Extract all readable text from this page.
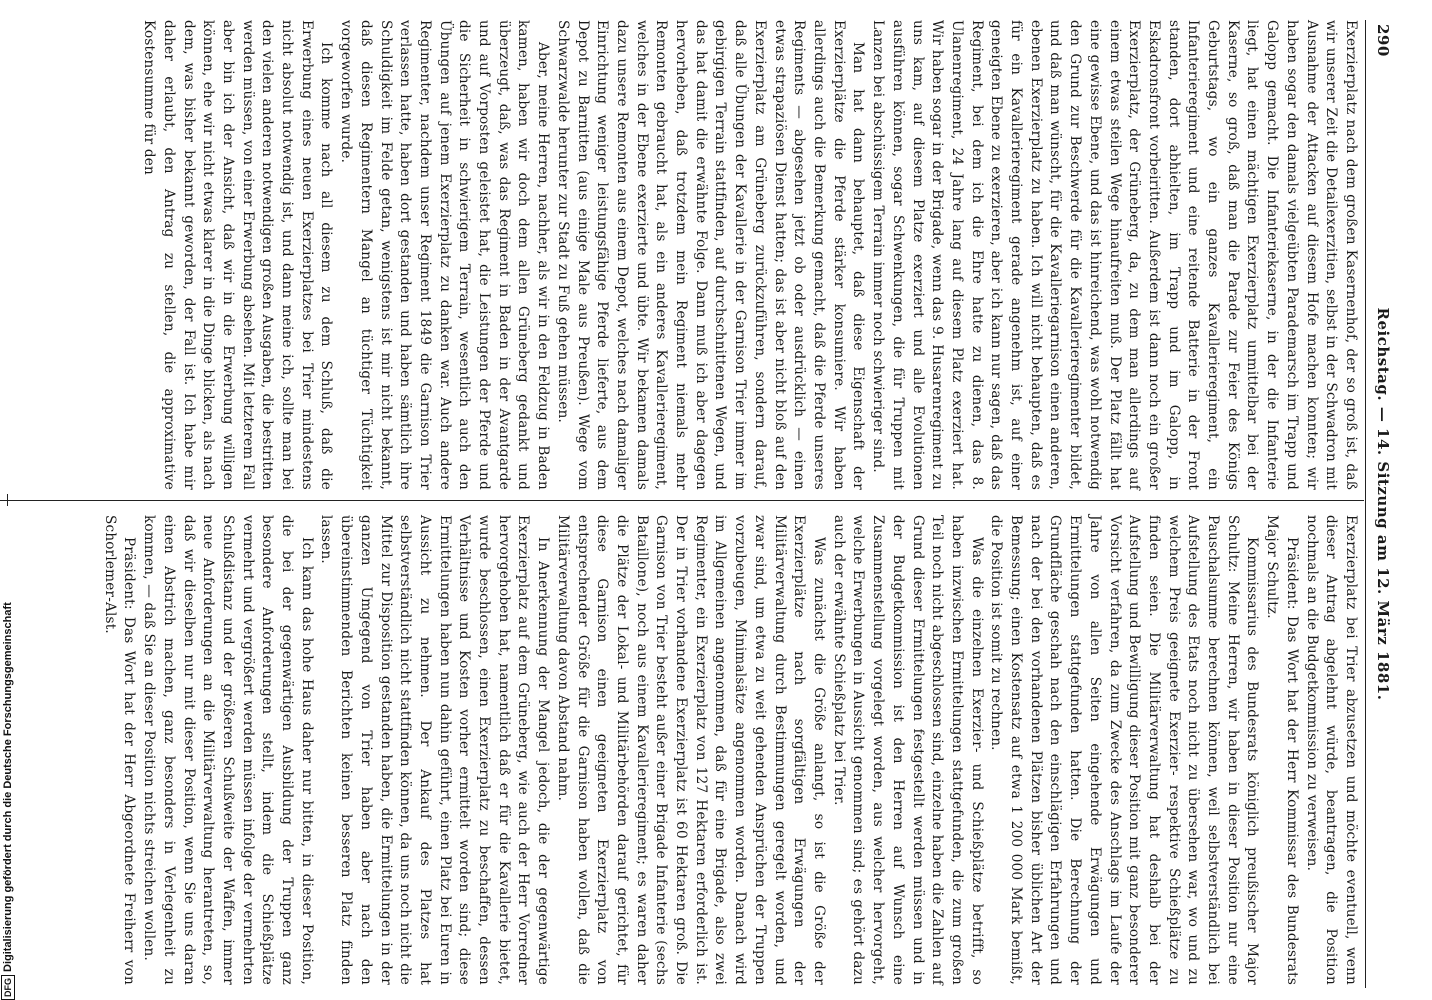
290
Reichstag. — 14. Sitzung am 12. März 1881.

Exerzierplatz nach dem großen Kasernenhof, der so groß ist, daß wir unserer Zeit die Detailexerzitien, selbst in der Schwadron mit Ausnahme der Attacken auf diesem Hofe machen konnten; wir haben sogar den damals vielgeübten Parademarsch im Trapp und Galopp gemacht. Die Infanteriekaserne, in der die Infanterie liegt, hat einen mächtigen Exerzierplatz unmittelbar bei der Kaserne, so groß, daß man die Parade zur Feier des Königs Geburtstags, wo ein ganzes Kavallerieregiment, ein Infanterieregiment und eine reitende Batterie in der Front standen, dort abhielten, im Trapp und im Galopp, in Eskadronsfront vorbeiritten. Außerdem ist dann noch ein großer Exerzierplatz, der Grüneberg, da, zu dem man allerdings auf einem etwas steilen Wege hinaufreiten muß. Der Platz fällt hat eine gewisse Ebene, und das ist hinreichend, was wohl notwendig den Grund zur Beschwerde für die Kavallerieregimenter bildet, und daß man wünscht, für die Kavalleriegarnison einen anderen, ebenen Exerzierplatz zu haben. Ich will nicht behaupten, daß es für ein Kavallerieregiment gerade angenehm ist, auf einer geneigten Ebene zu exerzieren, aber ich kann nur sagen, daß das Regiment, bei dem ich die Ehre hatte zu dienen, das 8. Ulanenregiment, 24 Jahre lang auf diesem Platz exerziert hat. Wir haben sogar in der Brigade, wenn das 9. Husarenregiment zu uns kam, auf diesem Platze exerziert und alle Evolutionen ausführen können, sogar Schwenkungen, die für Truppen mit Lanzen bei abschüssigem Terrain immer noch schwieriger sind.

Man hat dann behauptet, daß diese Eigenschaft der Exerzierplätze die Pferde stärker konsumiere. Wir haben allerdings auch die Bemerkung gemacht, daß die Pferde unseres Regiments — abgesehen jetzt ob oder ausdrücklich — einen etwas strapaziösen Dienst hatten; das ist aber nicht bloß auf den Exerzierplatz am Grüneberg zurückzuführen, sondern darauf, daß alle Übungen der Kavallerie in der Garnison Trier immer im gebirgigen Terrain stattfinden, auf durchschnittenen Wegen, und das hat damit die erwähnte Folge. Dann muß ich aber dagegen hervorheben, daß trotzdem mein Regiment niemals mehr Remonten gebraucht hat, als ein anderes Kavallerieregiment, welches in der Ebene exerzierte und übte. Wir bekamen damals dazu unsere Remonten aus einem Depot, welches nach damaliger Einrichtung weniger leistungsfähige Pferde lieferte, aus dem Depot zu Barnitten (aus einige Male aus Preußen). Wege vom Schwarzwalde herunter zur Stadt zu Fuß gehen müssen.

Aber, meine Herren, nachher, als wir in den Feldzug in Baden kamen, haben wir doch dem allen Grüneberg gedankt und überzeugt, daß, was das Regiment in Baden in der Avantgarde und auf Vorposten geleistet hat, die Leistungen der Pferde und die Sicherheit in schwierigem Terrain, wesentlich auch den Übungen auf jenem Exerzierplatz zu danken war. Auch andere Regimenter, nachdem unser Regiment 1849 die Garnison Trier verlassen hatte, haben dort gestanden und haben sämtlich ihre Schuldigkeit im Felde getan, wenigstens ist mir nicht bekannt, daß diesen Regimentern Mangel an tüchtiger Tüchtigkeit vorgeworfen wurde.

Ich komme nach all diesem zu dem Schluß, daß die Erwerbung eines neuen Exerzierplatzes bei Trier mindestens nicht absolut notwendig ist, und dann meine ich, sollte man bei den vielen anderen notwendigen großen Ausgaben, die bestritten werden müssen, von einer Erwerbung absehen. Mit letzterem Fall aber bin ich der Ansicht, daß wir in die Erwerbung willigen können, ehe wir nicht etwas klarer in die Dinge blicken, als nach dem, was bisher bekannt geworden, der Fall ist. Ich habe mir daher erlaubt, den Antrag zu stellen, die approximative Kostensumme für den

Exerzierplatz bei Trier abzusetzen und möchte eventuell, wenn dieser Antrag abgelehnt würde, beantragen, die Position nochmals an die Budgetkommission zu verweisen.

Präsident: Das Wort hat der Herr Kommissar des Bundesrats Major Schultz.

Kommissarius des Bundesrats königlich preußischer Major Schultz: Meine Herren, wir haben in dieser Position nur eine Pauschalsumme berechnen können, weil selbstverständlich bei Aufstellung des Etats noch nicht zu übersehen war, wo und zu welchem Preis geeignete Exerzier- respektive Schießplätze zu finden seien. Die Militärverwaltung hat deshalb bei der Aufstellung und Bewilligung dieser Position mit ganz besonderer Vorsicht verfahren, da zum Zwecke des Anschlags im Laufe der Jahre von allen Seiten eingehende Erwägungen und Ermittelungen stattgefunden hatten. Die Berechnung der Grundfläche geschah nach den einschlägigen Erfahrungen und nach der bei den vorhandenen Plätzen bisher üblichen Art der Bemessung; einen Kostensatz auf etwa 1 200 000 Mark bemißt, die Position ist somit zu rechnen.

Was die einzelnen Exerzier- und Schießplätze betrifft, so haben inzwischen Ermittelungen stattgefunden, die zum großen Teil noch nicht abgeschlossen sind, einzelne haben die Zahlen auf Grund dieser Ermittelungen festgestellt werden müssen und in der Budgetkommission ist den Herren auf Wunsch eine Zusammenstellung vorgelegt worden, aus welcher hervorgeht, welche Erwerbungen in Aussicht genommen sind; es gehört dazu auch der erwähnte Schießplatz bei Trier.

Was zunächst die Größe anlangt, so ist die Größe der Exerzierplätze nach sorgfältigen Erwägungen der Militärverwaltung durch Bestimmungen geregelt worden, und zwar sind, um etwa zu weit gehenden Ansprüchen der Truppen vorzubeugen, Minimalsätze angenommen worden. Danach wird im Allgemeinen angenommen, daß für eine Brigade, also zwei Regimenter, ein Exerzierplatz von 127 Hektaren erforderlich ist. Der in Trier vorhandene Exerzierplatz ist 60 Hektaren groß. Die Garnison von Trier besteht außer einer Brigade Infanterie (sechs Bataillone), noch aus einem Kavallerieregiment; es waren daher die Plätze der Lokal- und Militärbehörden darauf gerichtet, für diese Garnison einen geeigneten Exerzierplatz von entsprechender Größe für die Garnison haben wollen, daß die Militärverwaltung davon Abstand nahm.

In Anerkennung der Mangel jedoch, die der gegenwärtige Exerzierplatz auf dem Grüneberg, wie auch der Herr Vorredner hervorgehoben hat, namentlich daß er für die Kavallerie bietet, wurde beschlossen, einen Exerzierplatz zu beschaffen, dessen Verhältnisse und Kosten vorher ermittelt worden sind; diese Ermittelungen haben nun dahin geführt, einen Platz bei Euren in Aussicht zu nehmen. Der Ankauf des Platzes hat selbstverständlich nicht stattfinden können, da uns noch nicht die Mittel zur Disposition gestanden haben, die Ermittelungen in der ganzen Umgegend von Trier haben aber nach den übereinstimmenden Berichten keinen besseren Platz finden lassen.

Ich kann das hohe Haus daher nur bitten, in dieser Position, die bei der gegenwärtigen Ausbildung der Truppen ganz besondere Anforderungen stellt, indem die Schießplätze vermehrt und vergrößert werden müssen infolge der vermehrten Schußdistanz und der größeren Schußweite der Waffen, immer neue Anforderungen an die Militärverwaltung herantreten, so, daß wir dieselben nur mit dieser Position, wenn Sie uns daran einen Abstrich machen, ganz besonders in Verlegenheit zu kommen, — daß Sie an dieser Position nichts streichen wollen.

Präsident: Das Wort hat der Herr Abgeordnete Freiherr von Schorlemer-Alst.

DFGDigitalisierung gefördert durch die Deutsche Forschungsgemeinschaft
